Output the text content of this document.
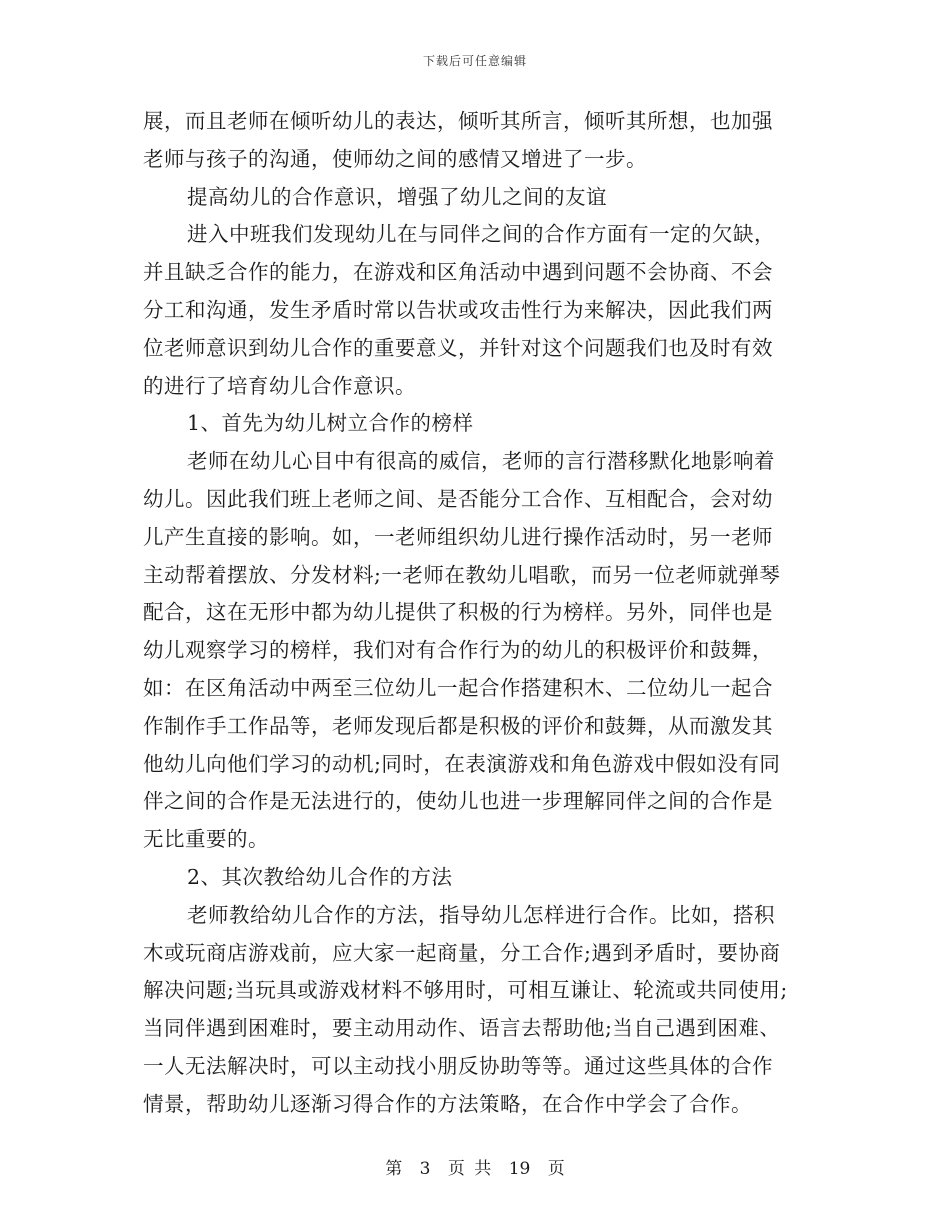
下载后可任意编辑
展，而且老师在倾听幼儿的表达，倾听其所言，倾听其所想，也加强
老师与孩子的沟通，使师幼之间的感情又增进了一步。
提高幼儿的合作意识，增强了幼儿之间的友谊
进入中班我们发现幼儿在与同伴之间的合作方面有一定的欠缺，
并且缺乏合作的能力，在游戏和区角活动中遇到问题不会协商、不会
分工和沟通，发生矛盾时常以告状或攻击性行为来解决，因此我们两
位老师意识到幼儿合作的重要意义，并针对这个问题我们也及时有效
的进行了培育幼儿合作意识。
1、首先为幼儿树立合作的榜样
老师在幼儿心目中有很高的威信，老师的言行潜移默化地影响着
幼儿。因此我们班上老师之间、是否能分工合作、互相配合，会对幼
儿产生直接的影响。如，一老师组织幼儿进行操作活动时，另一老师
主动帮着摆放、分发材料;一老师在教幼儿唱歌，而另一位老师就弹琴
配合，这在无形中都为幼儿提供了积极的行为榜样。另外，同伴也是
幼儿观察学习的榜样，我们对有合作行为的幼儿的积极评价和鼓舞，
如：在区角活动中两至三位幼儿一起合作搭建积木、二位幼儿一起合
作制作手工作品等，老师发现后都是积极的评价和鼓舞，从而激发其
他幼儿向他们学习的动机;同时，在表演游戏和角色游戏中假如没有同
伴之间的合作是无法进行的，使幼儿也进一步理解同伴之间的合作是
无比重要的。
2、其次教给幼儿合作的方法
老师教给幼儿合作的方法，指导幼儿怎样进行合作。比如，搭积
木或玩商店游戏前，应大家一起商量，分工合作;遇到矛盾时，要协商
解决问题;当玩具或游戏材料不够用时，可相互谦让、轮流或共同使用;
当同伴遇到困难时，要主动用动作、语言去帮助他;当自己遇到困难、
一人无法解决时，可以主动找小朋反协助等等。通过这些具体的合作
情景，帮助幼儿逐渐习得合作的方法策略，在合作中学会了合作。
第 3 页 共 19 页
